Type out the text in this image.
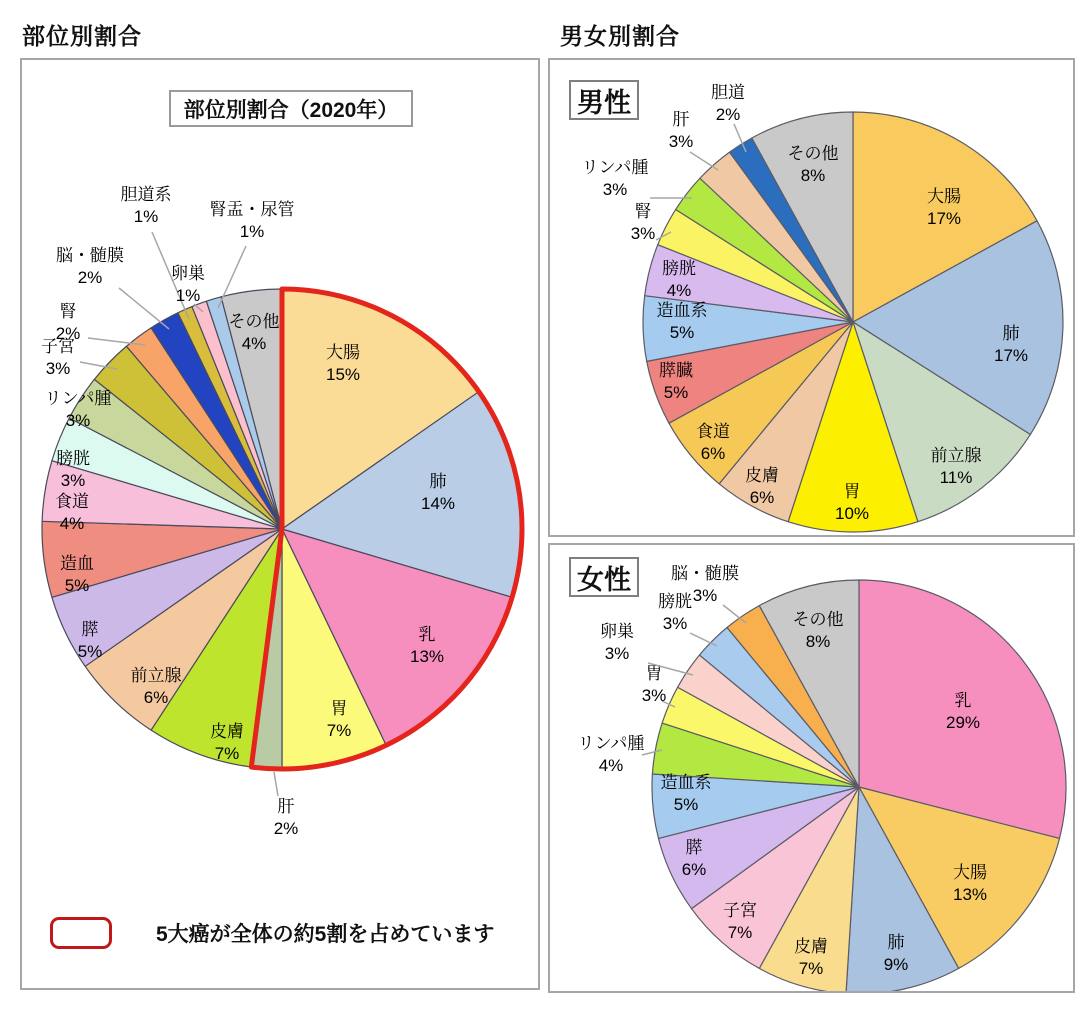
部位別割合	男女別割合
部位別割合（2020年）
大腸 15%
肺 14%
乳 13%
胃 7%
肝 2%
皮膚 7%
前立腺 6%
膵 5%
造血 5%
食道 4%
膀胱 3%
リンパ腫 3%
子宮 3%
腎 2%
脳・髄膜 2%
胆道系 1%
卵巣 1%
腎盂・尿管 1%
その他 4%
5大癌が全体の約5割を占めています
男性
大腸 17%
肺 17%
前立腺 11%
胃 10%
皮膚 6%
食道 6%
膵臓 5%
造血系 5%
膀胱 4%
腎 3%
リンパ腫 3%
肝 3%
胆道 2%
その他 8%
女性
乳 29%
大腸 13%
肺 9%
皮膚 7%
子宮 7%
膵 6%
造血系 5%
リンパ腫 4%
胃 3%
卵巣 3%
膀胱 3%
脳・髄膜 3%
その他 8%
